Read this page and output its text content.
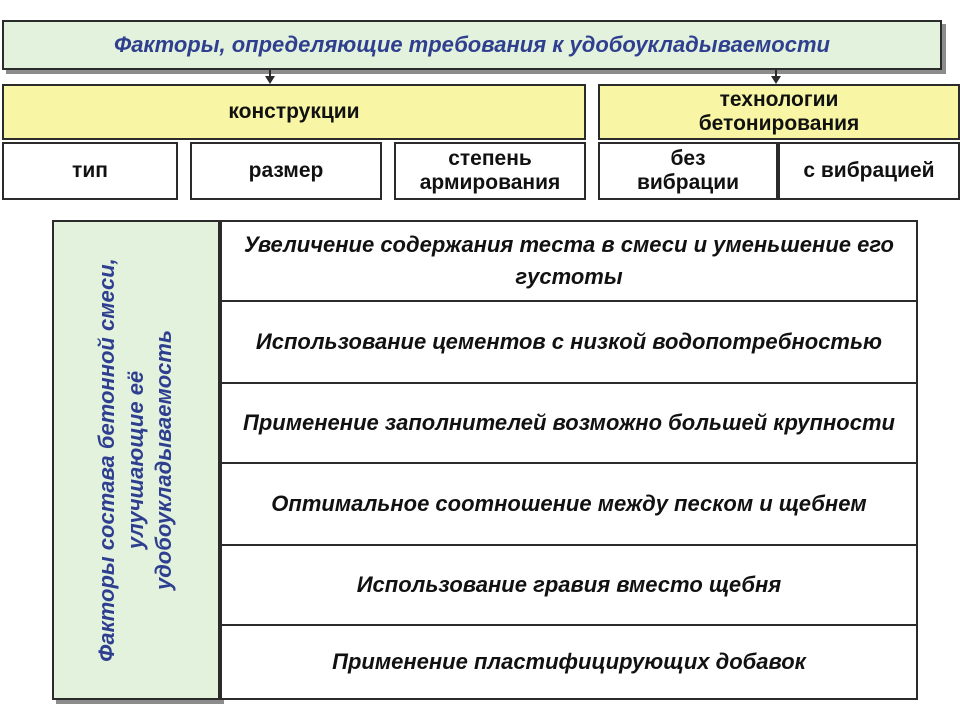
Факторы, определяющие требования к удобоукладываемости
конструкции
тип	размер
степень армирования
технологии бетонирования
без вибрации
с вибрацией
Факторы состава бетонной смеси, улучшающие её удобоукладываемость
Увеличение содержания теста в смеси и уменьшение его густоты
Использование цементов с низкой водопотребностью
Применение заполнителей возможно большей крупности
Оптимальное соотношение между песком и щебнем
Использование гравия вместо щебня
Применение пластифицирующих добавок
